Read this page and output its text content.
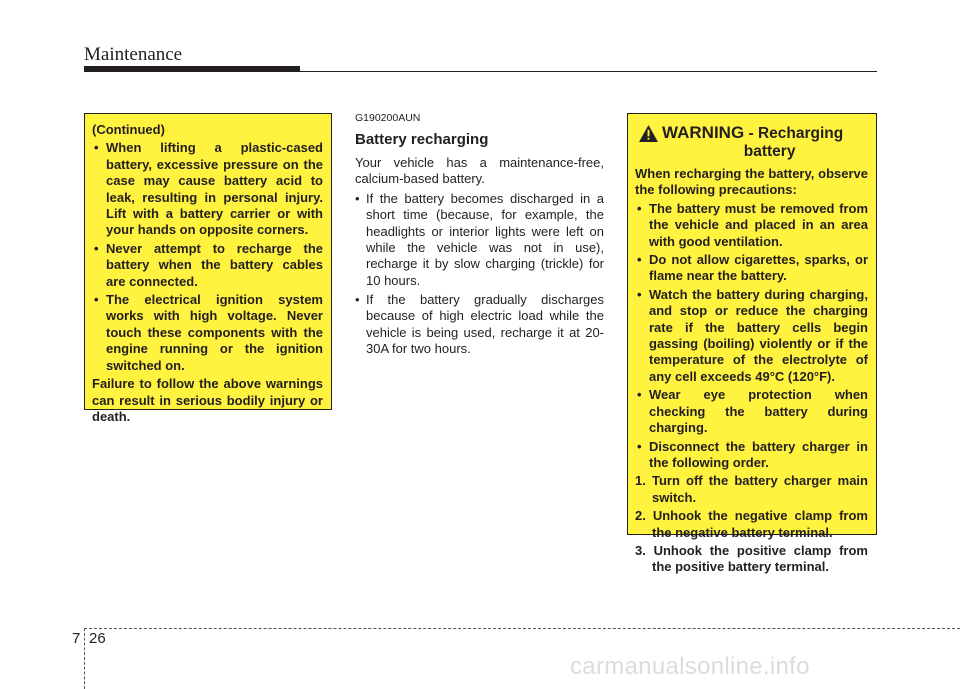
Maintenance
(Continued)
• When lifting a plastic-cased battery, excessive pressure on the case may cause battery acid to leak, resulting in personal injury. Lift with a battery carrier or with your hands on opposite corners.
• Never attempt to recharge the battery when the battery cables are connected.
• The electrical ignition system works with high voltage. Never touch these components with the engine running or the ignition switched on.

Failure to follow the above warnings can result in serious bodily injury or death.

G190200AUN
Battery recharging

Your vehicle has a maintenance-free, calcium-based battery.

• If the battery becomes discharged in a short time (because, for example, the headlights or interior lights were left on while the vehicle was not in use), recharge it by slow charging (trickle) for 10 hours.
• If the battery gradually discharges because of high electric load while the vehicle is being used, recharge it at 20-30A for two hours.
WARNING - Recharging
battery

When recharging the battery, observe the following precautions:

• The battery must be removed from the vehicle and placed in an area with good ventilation.
• Do not allow cigarettes, sparks, or flame near the battery.
• Watch the battery during charging, and stop or reduce the charging rate if the battery cells begin gassing (boiling) violently or if the temperature of the electrolyte of any cell exceeds 49°C (120°F).
• Wear eye protection when checking the battery during charging.
• Disconnect the battery charger in the following order.
1. Turn off the battery charger main switch.
2. Unhook the negative clamp from the negative battery terminal.
3. Unhook the positive clamp from the positive battery terminal.
7 26
carmanualsonline.info
